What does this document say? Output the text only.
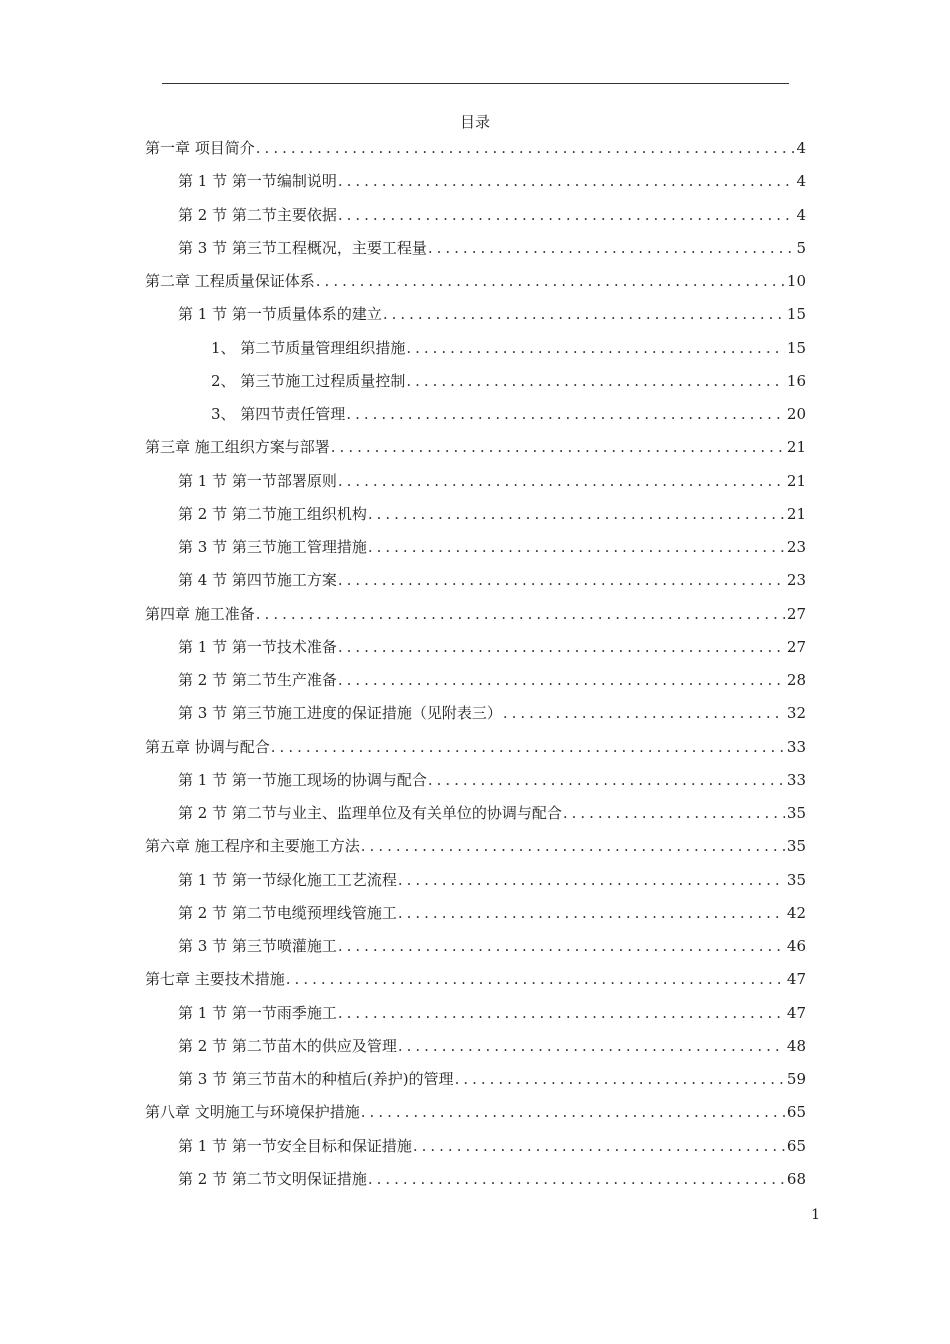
目录
第一章 项目简介 .....	4
第 1 节 第一节编制说明 .....	4
第 2 节 第二节主要依据 .....	4
第 3 节 第三节工程概况，主要工程量 .....	5
第二章 工程质量保证体系 .....	10
第 1 节 第一节质量体系的建立 .....	15
1、 第二节质量管理组织措施 .....	15
2、 第三节施工过程质量控制 .....	16
3、 第四节责任管理 .....	20
第三章 施工组织方案与部署 .....	21
第 1 节 第一节部署原则 .....	21
第 2 节 第二节施工组织机构 .....	21
第 3 节 第三节施工管理措施 .....	23
第 4 节 第四节施工方案 .....	23
第四章 施工准备 .....	27
第 1 节 第一节技术准备 .....	27
第 2 节 第二节生产准备 .....	28
第 3 节 第三节施工进度的保证措施（见附表三） .....	32
第五章 协调与配合 .....	33
第 1 节 第一节施工现场的协调与配合 .....	33
第 2 节 第二节与业主、监理单位及有关单位的协调与配合 .....	35
第六章 施工程序和主要施工方法 .....	35
第 1 节 第一节绿化施工工艺流程 .....	35
第 2 节 第二节电缆预埋线管施工 .....	42
第 3 节 第三节喷灌施工 .....	46
第七章 主要技术措施 .....	47
第 1 节 第一节雨季施工 .....	47
第 2 节 第二节苗木的供应及管理 .....	48
第 3 节 第三节苗木的种植后(养护)的管理 .....	59
第八章 文明施工与环境保护措施 .....	65
第 1 节 第一节安全目标和保证措施 .....	65
第 2 节 第二节文明保证措施 .....	68
1
